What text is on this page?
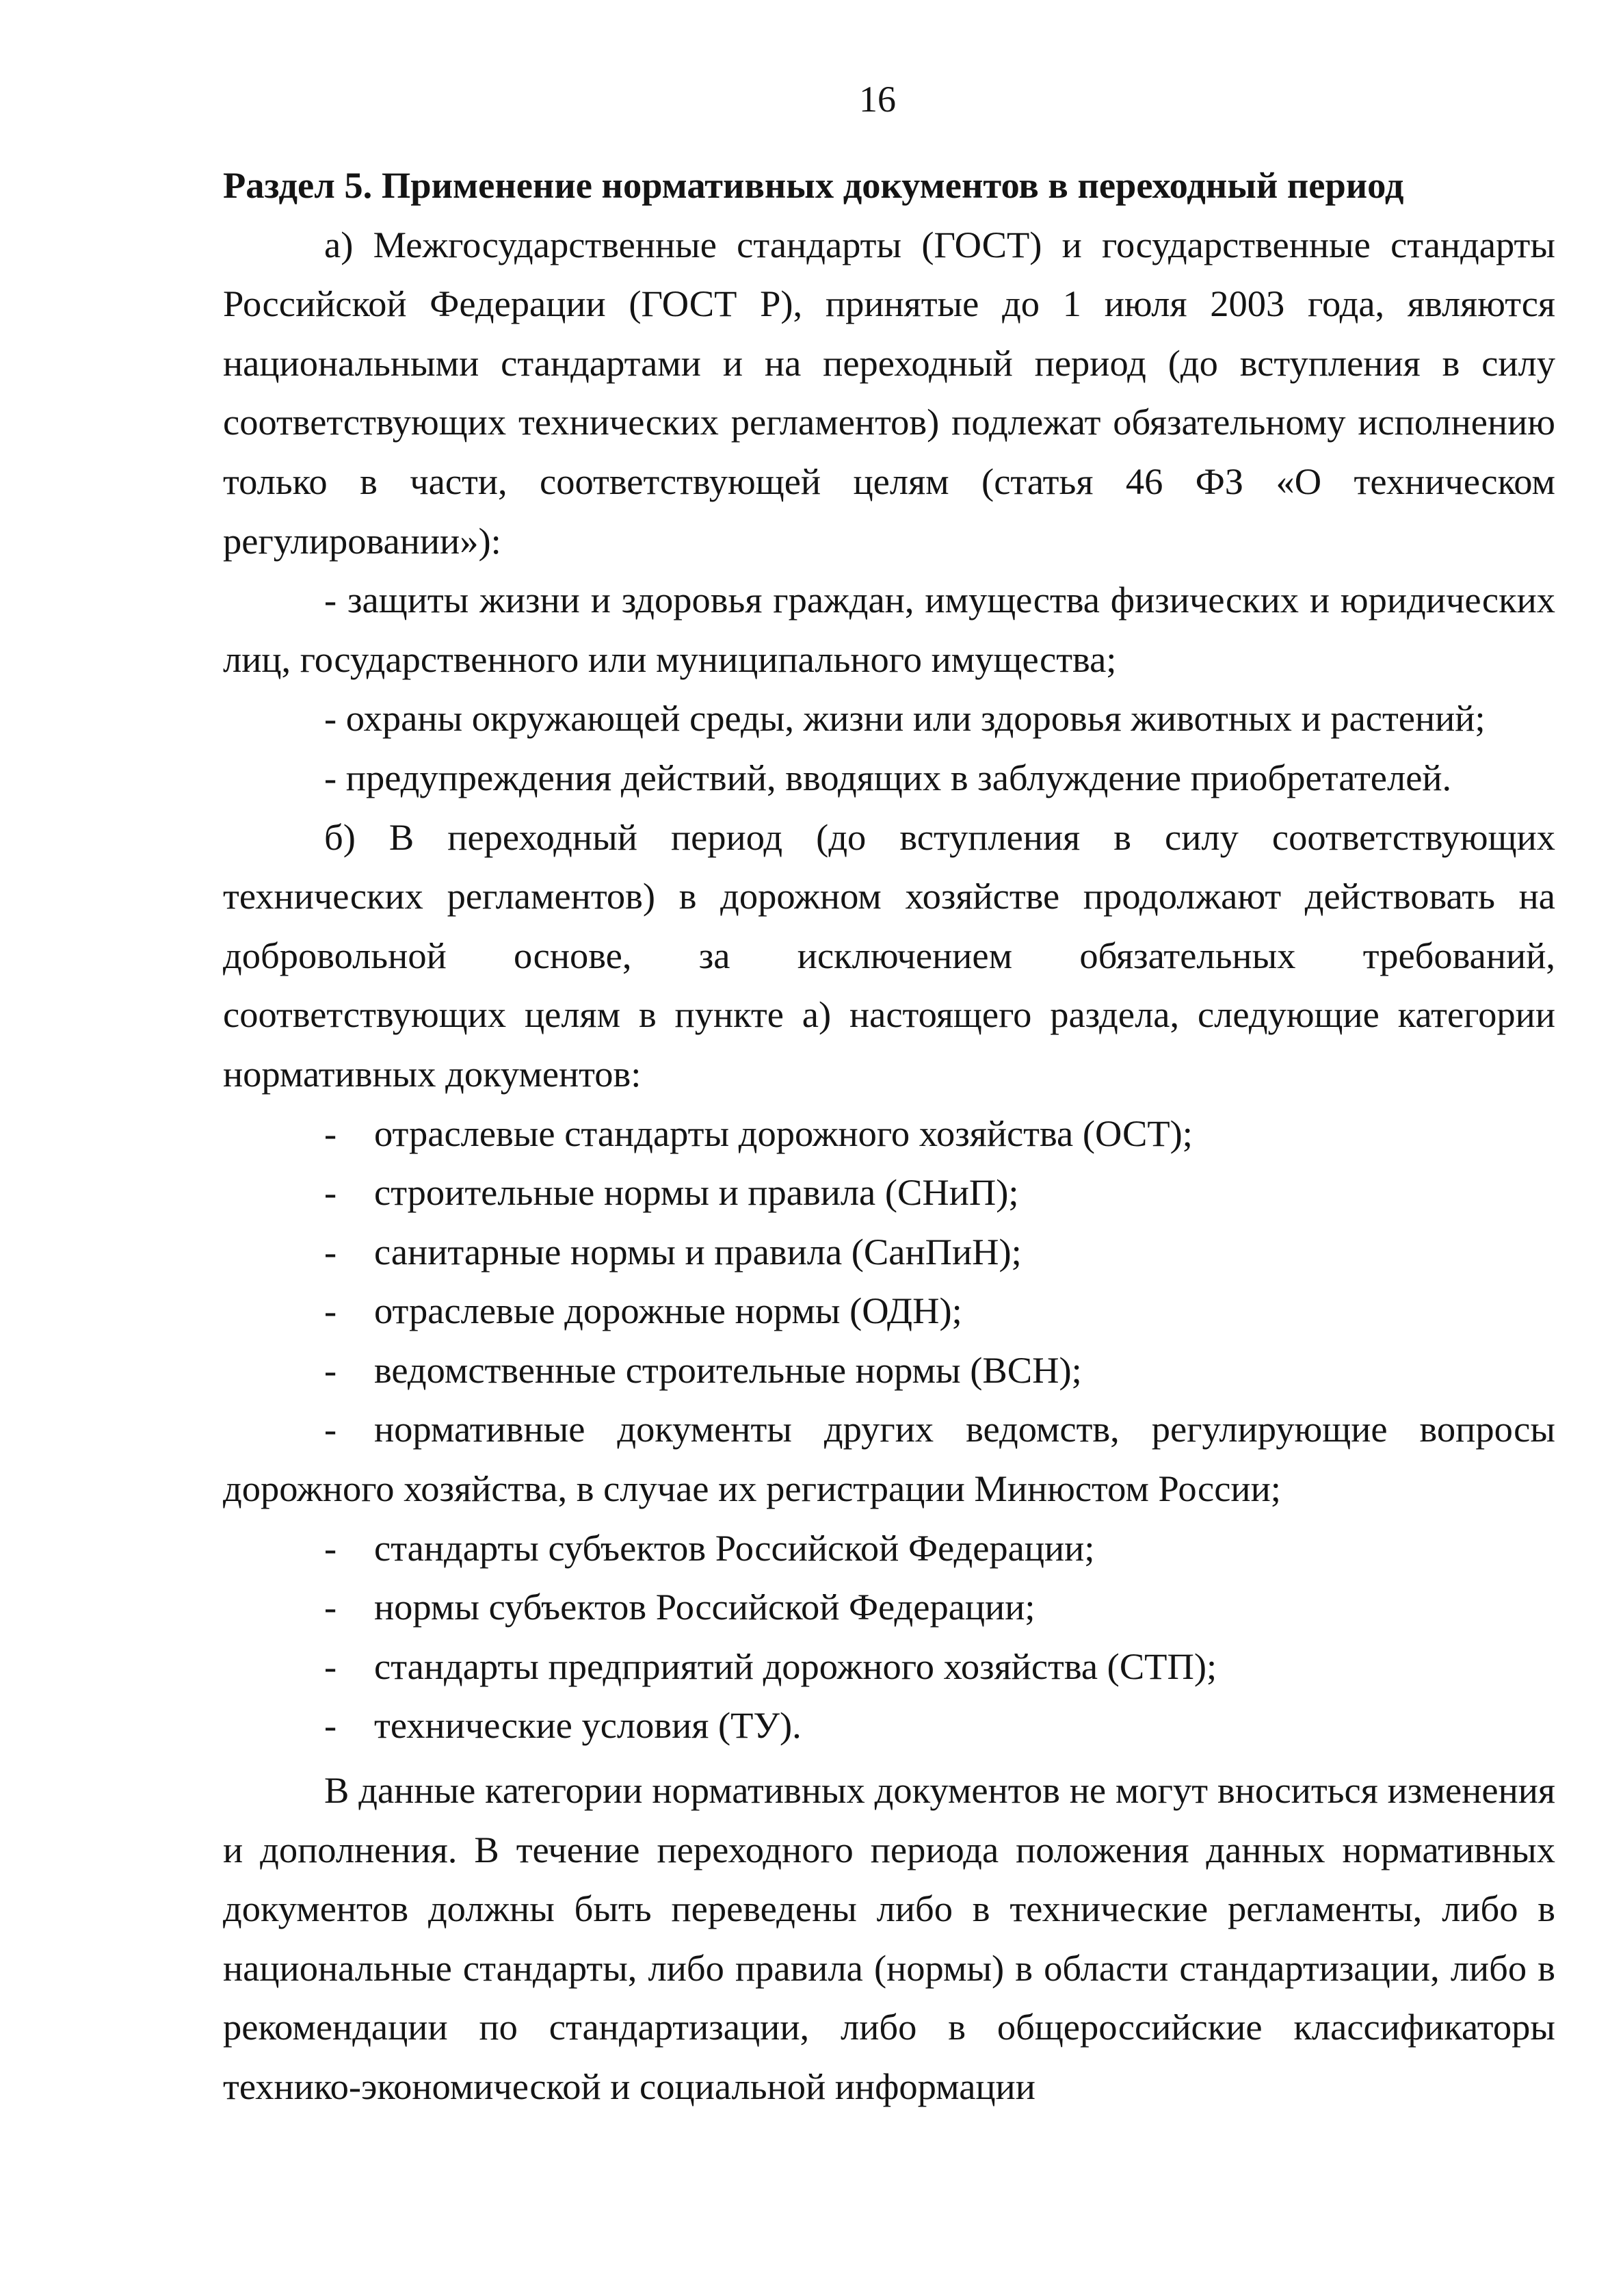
16

Раздел 5. Применение нормативных документов в переходный период

а) Межгосударственные стандарты (ГОСТ) и государственные стандарты Российской Федерации (ГОСТ Р), принятые до 1 июля 2003 года, являются национальными стандартами и на переходный период (до вступления в силу соответствующих технических регламентов) подлежат обязательному исполнению только в части, соответствующей целям (статья 46 ФЗ «О техническом регулировании»):

- защиты жизни и здоровья граждан, имущества физических и юридических лиц, государственного или муниципального имущества;

- охраны окружающей среды, жизни или здоровья животных и растений;

- предупреждения действий, вводящих в заблуждение приобретателей.

б) В переходный период (до вступления в силу соответствующих технических регламентов) в дорожном хозяйстве продолжают действовать на добровольной основе, за исключением обязательных требований, соответствующих целям в пункте а) настоящего раздела, следующие категории нормативных документов:

- отраслевые стандарты дорожного хозяйства (ОСТ);

- строительные нормы и правила (СНиП);

- санитарные нормы и правила (СанПиН);

- отраслевые дорожные нормы (ОДН);

- ведомственные строительные нормы (ВСН);

- нормативные документы других ведомств, регулирующие вопросы дорожного хозяйства, в случае их регистрации Минюстом России;

- стандарты субъектов Российской Федерации;

- нормы субъектов Российской Федерации;

- стандарты предприятий дорожного хозяйства (СТП);

- технические условия (ТУ).

В данные категории нормативных документов не могут вноситься изменения и дополнения. В течение переходного периода положения данных нормативных документов должны быть переведены либо в технические регламенты, либо в национальные стандарты, либо правила (нормы) в области стандартизации, либо в рекомендации по стандартизации, либо в общероссийские классификаторы технико-экономической и социальной информации
